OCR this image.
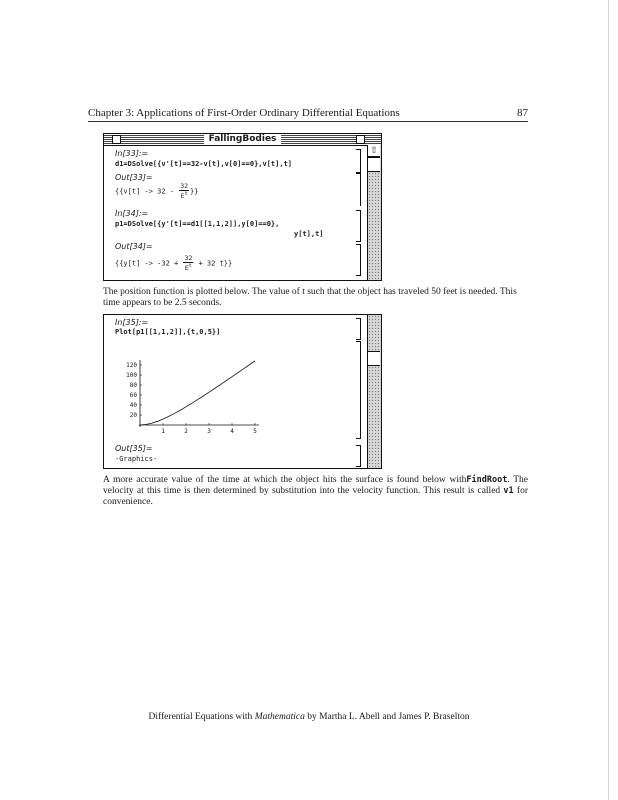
Chapter 3: Applications of First-Order Ordinary Differential Equations	87
FallingBodies
⇧
In[33]:=
d1=DSolve[{v'[t]==32-v[t],v[0]==0},v[t],t]
Out[33]=
{{$v[t] -> 32 - \frac{32}{E^t}$ }}
In[34]:=
p1=DSolve[{y'[t]==d1[[1,1,2]],y[0]==0},
y[t],t]
Out[34]=
{{$y[t] -> -32 + \frac{32}{E^t} + 32$ t}}
The position function is plotted below. The value of t such that the object has traveled 50 feet is needed. This time appears to be 2.5 seconds.
In[35]:=
Plot[p1[[1,1,2]],{t,0,5}]
1	2	3	4	5
20
40
60
80
100
120
Out[35]=
-Graphics-
A more accurate value of the time at which the object hits the surface is found below withFindRoot. The velocity at this time is then determined by substitution into the velocity function. This result is called v1 for convenience.
Differential Equations with Mathematica by Martha L. Abell and James P. Braselton
